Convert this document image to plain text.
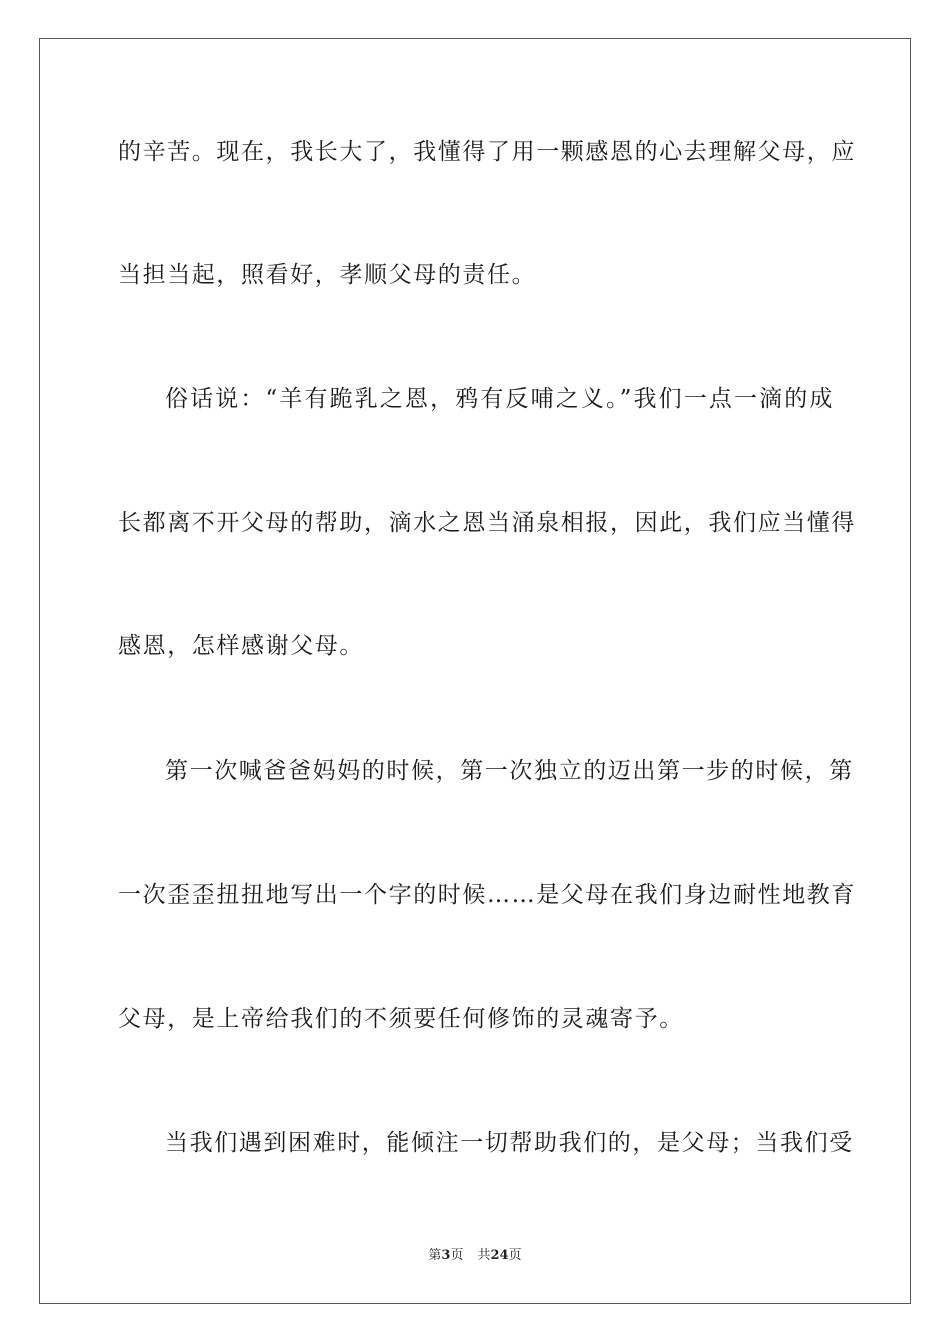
的辛苦。现在，我长大了，我懂得了用一颗感恩的心去理解父母，应
当担当起，照看好，孝顺父母的责任。
俗话说：“羊有跪乳之恩，鸦有反哺之义。”我们一点一滴的成
长都离不开父母的帮助，滴水之恩当涌泉相报，因此，我们应当懂得
感恩，怎样感谢父母。
第一次喊爸爸妈妈的时候，第一次独立的迈出第一步的时候，第
一次歪歪扭扭地写出一个字的时候……是父母在我们身边耐性地教育
父母，是上帝给我们的不须要任何修饰的灵魂寄予。
当我们遇到困难时，能倾注一切帮助我们的，是父母；当我们受
第3页 共24页
